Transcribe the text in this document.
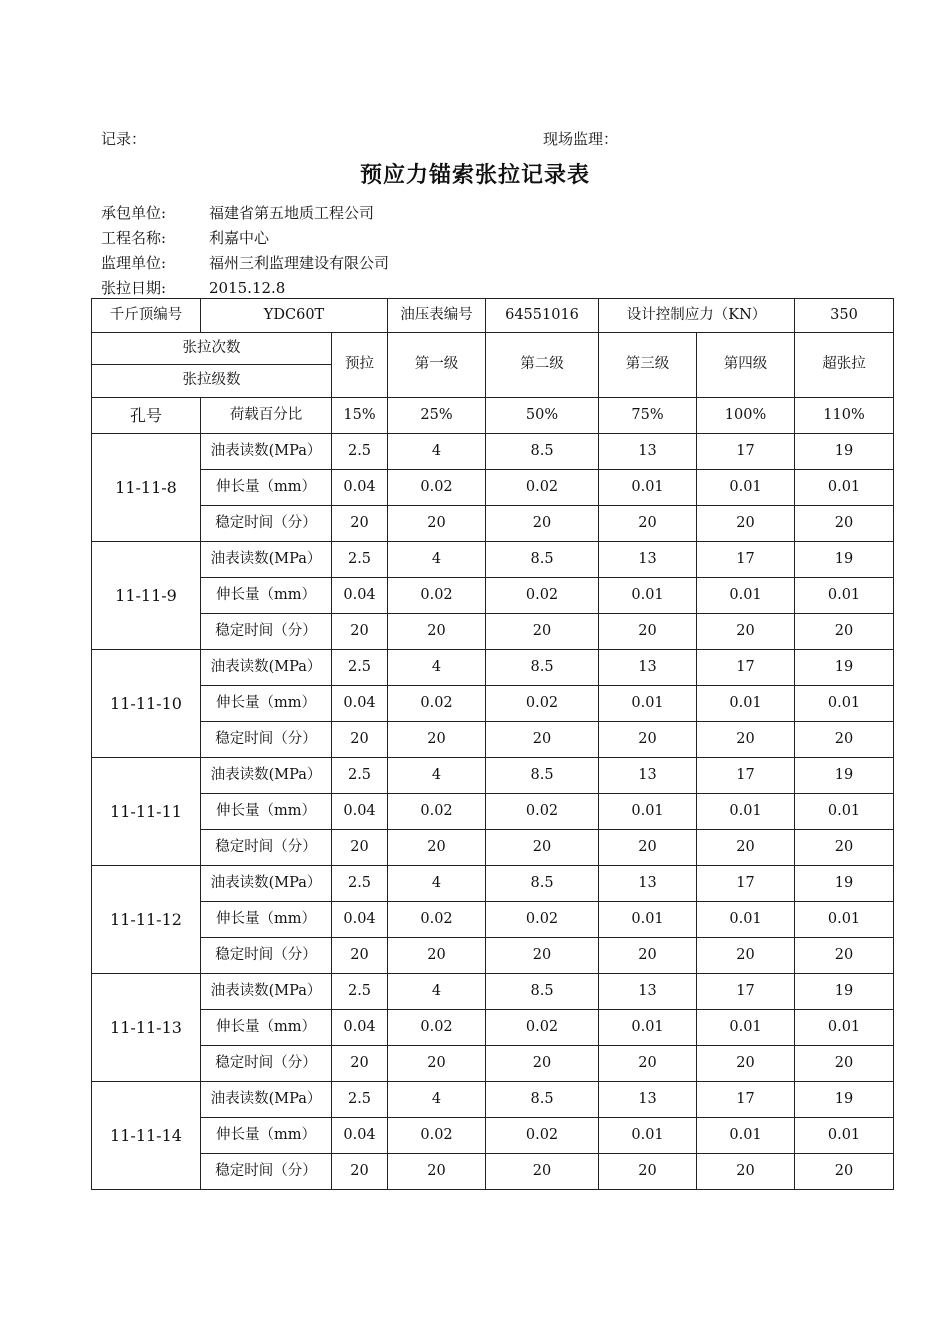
记录：	现场监理：
预应力锚索张拉记录表
承包单位:	福建省第五地质工程公司
工程名称:	利嘉中心
监理单位:	福州三利监理建设有限公司
张拉日期:	2015.12.8
千斤顶编号	YDC60T		油压表编号	64551016	设计控制应力（KN）		350
张拉次数		预拉	第一级	第二级	第三级	第四级	超张拉
张拉级数							
孔号	荷载百分比	15%	25%	50%	75%	100%	110%
11-11-8	油表读数(MPa）	2.5	4	8.5	13	17	19
	伸长量（mm）	0.04	0.02	0.02	0.01	0.01	0.01
	稳定时间（分）	20	20	20	20	20	20
11-11-9	油表读数(MPa）	2.5	4	8.5	13	17	19
	伸长量（mm）	0.04	0.02	0.02	0.01	0.01	0.01
	稳定时间（分）	20	20	20	20	20	20
11-11-10	油表读数(MPa）	2.5	4	8.5	13	17	19
	伸长量（mm）	0.04	0.02	0.02	0.01	0.01	0.01
	稳定时间（分）	20	20	20	20	20	20
11-11-11	油表读数(MPa）	2.5	4	8.5	13	17	19
	伸长量（mm）	0.04	0.02	0.02	0.01	0.01	0.01
	稳定时间（分）	20	20	20	20	20	20
11-11-12	油表读数(MPa）	2.5	4	8.5	13	17	19
	伸长量（mm）	0.04	0.02	0.02	0.01	0.01	0.01
	稳定时间（分）	20	20	20	20	20	20
11-11-13	油表读数(MPa）	2.5	4	8.5	13	17	19
	伸长量（mm）	0.04	0.02	0.02	0.01	0.01	0.01
	稳定时间（分）	20	20	20	20	20	20
11-11-14	油表读数(MPa）	2.5	4	8.5	13	17	19
	伸长量（mm）	0.04	0.02	0.02	0.01	0.01	0.01
	稳定时间（分）	20	20	20	20	20	20
